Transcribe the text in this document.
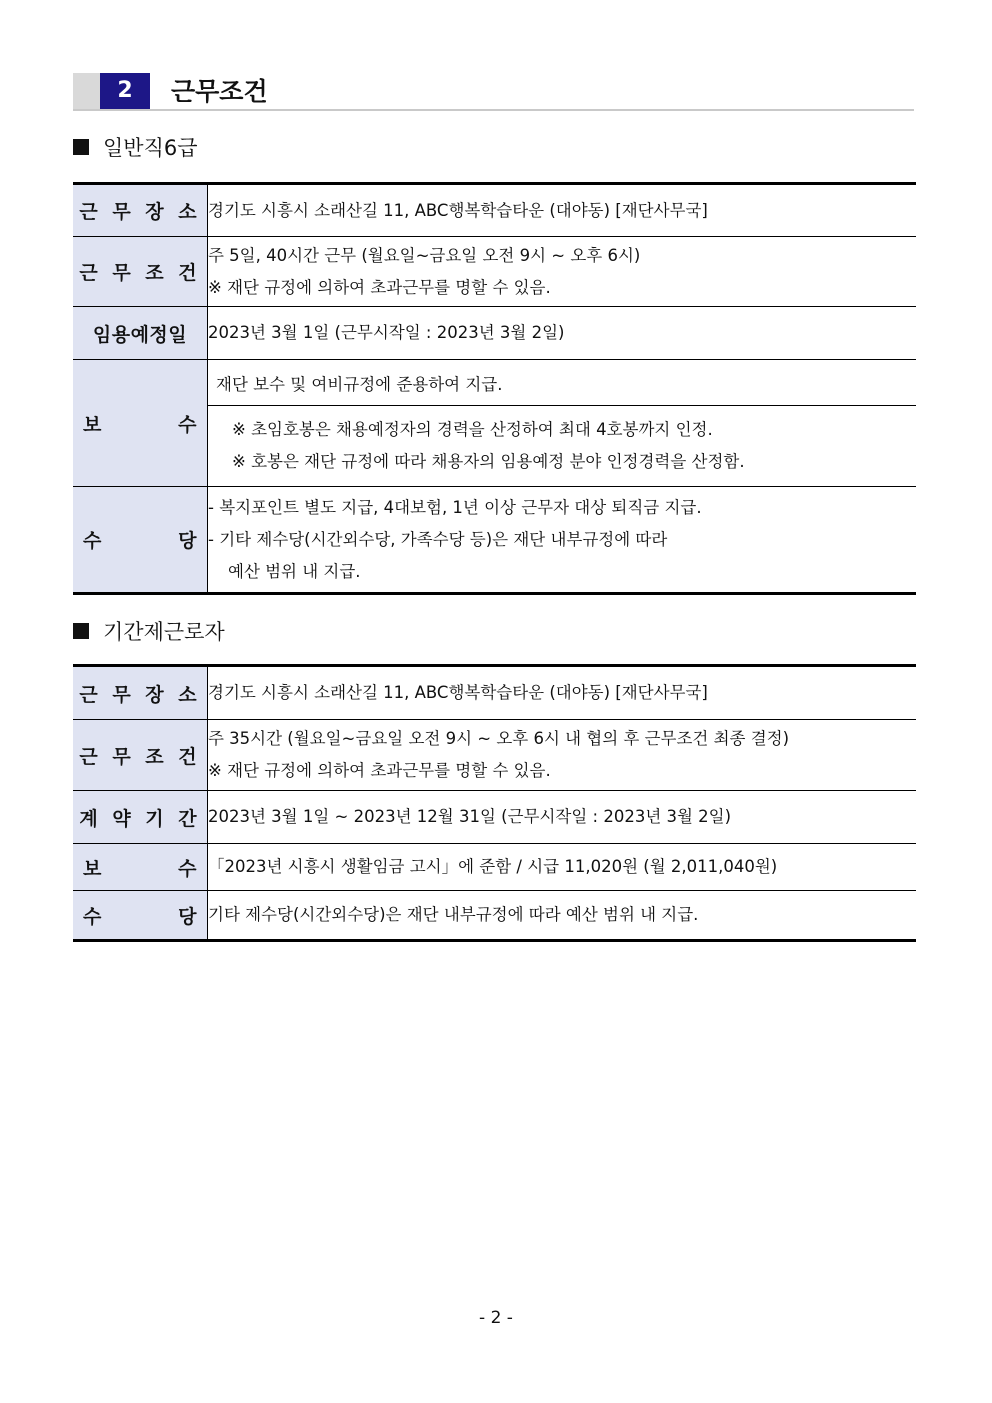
2	근무조건
일반직6급
근 무 장 소	경기도 시흥시 소래산길 11, ABC행복학습타운 (대야동) [재단사무국]

근 무 조 건	주 5일, 40시간 근무 (월요일~금요일 오전 9시 ~ 오후 6시)
※ 재단 규정에 의하여 초과근무를 명할 수 있음.

임용예정일	2023년 3월 1일 (근무시작일 : 2023년 3월 2일)

보 수	재단 보수 및 여비규정에 준용하여 지급.
※ 초임호봉은 채용예정자의 경력을 산정하여 최대 4호봉까지 인정.
※ 호봉은 재단 규정에 따라 채용자의 임용예정 분야 인정경력을 산정함.

수 당	- 복지포인트 별도 지급, 4대보험, 1년 이상 근무자 대상 퇴직금 지급.
- 기타 제수당(시간외수당, 가족수당 등)은 재단 내부규정에 따라
예산 범위 내 지급.
기간제근로자
근 무 장 소	경기도 시흥시 소래산길 11, ABC행복학습타운 (대야동) [재단사무국]

근 무 조 건	주 35시간 (월요일~금요일 오전 9시 ~ 오후 6시 내 협의 후 근무조건 최종 결정)
※ 재단 규정에 의하여 초과근무를 명할 수 있음.

계 약 기 간	2023년 3월 1일 ~ 2023년 12월 31일 (근무시작일 : 2023년 3월 2일)

보 수	「2023년 시흥시 생활임금 고시」에 준함 / 시급 11,020원 (월 2,011,040원)

수 당	기타 제수당(시간외수당)은 재단 내부규정에 따라 예산 범위 내 지급.
- 2 -
